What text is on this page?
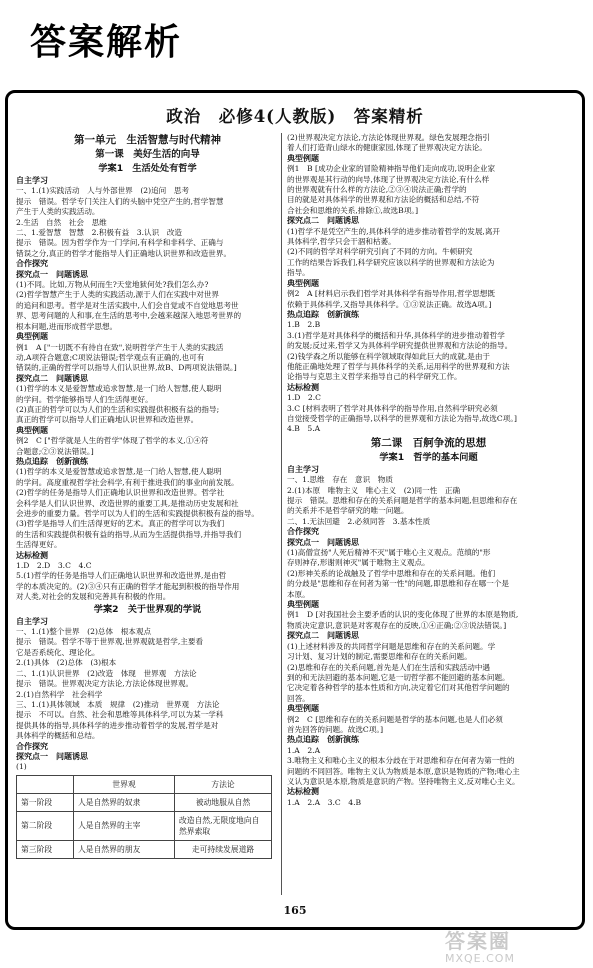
答案解析
政治　必修4(人教版)　答案精析
第一单元　生活智慧与时代精神
第一课　美好生活的向导
学案1　生活处处有哲学
自主学习
一、1.(1)实践活动　人与外部世界　(2)追问　思考
提示　错误。哲学专门关注人们的头脑中凭空产生的,哲学智慧
产生于人类的实践活动。
2.生活　自然　社会　思维
二、1.爱智慧　智慧　2.积极有益　3.认识　改造
提示　错误。因为哲学作为一门学问,有科学和非科学、正确与
错误之分,真正的哲学才能指导人们正确地认识世界和改造世界。
合作探究
探究点一　问题诱思
(1)不同。比如,万物从何而生?天堂地狱何处?我们怎么办?
(2)哲学智慧产生于人类的实践活动,源于人们在实践中对世界
的追问和思考。哲学是对生活实践中,人们会自觉或不自觉地思考世
界、思考问题的人和事,在生活的思考中,会越来越深入地思考世界的
根本问题,进而形成哲学思想。
典型例题
例1　A ["一切既不有待自在致",说明哲学产生于人类的实践活
动,A项符合题意;C项说法错误;哲学观点有正确的,也可有
错误的,正确的哲学可以指导人们认识世界,故B、D两项说法错误。]
探究点二　问题诱思
(1)哲学的本义是爱智慧或追求智慧,是一门给人智慧,使人聪明
的学问。哲学能够指导人们生活得更好。
(2)真正的哲学可以为人们的生活和实践提供积极有益的指导;
真正的哲学可以指导人们正确地认识世界和改造世界。
典型例题
例2　C ["哲学就是人生的哲学"体现了哲学的本义,①④符
合题意;②③说法错误。]
热点追踪　创新演练
(1)哲学的本义是爱智慧或追求智慧,是一门给人智慧,使人聪明
的学问。高度重视哲学社会科学,有利于推进我们的事业向前发展。
(2)哲学的任务是指导人们正确地认识世界和改造世界。哲学社
会科学是人们认识世界、改造世界的重要工具,是推动历史发展和社
会进步的重要力量。哲学可以为人们的生活和实践提供积极有益的指导。
(3)哲学是指导人们生活得更好的艺术。真正的哲学可以为我们
的生活和实践提供积极有益的指导,从而为生活提供指导,并指导我们
生活得更好。
达标检测
1.D　2.D　3.C　4.C
5.(1)哲学的任务是指导人们正确地认识世界和改造世界,是由哲
学的本质决定的。(2)③④只有正确的哲学才能起到积极的指导作用
对人类,对社会的发展和完善具有积极的作用。
学案2　关于世界观的学说
自主学习
一、1.(1)整个世界　(2)总体　根本观点
提示　错误。哲学不等于世界观,世界观就是哲学,主要看
它是否系统化、理论化。
2.(1)具体　(2)总体　(3)根本
二、1.(1)认识世界　(2)改造　体现　世界观　方法论
提示　错误。世界观决定方法论,方法论体现世界观。
2.(1)自然科学　社会科学
三、1.(1)具体领域　本质　规律　(2)推动　世界观　方法论
提示　不可以。自然、社会和思维等具体科学,可以为某一学科
提供具体的指导,具体科学的进步推动着哲学的发展,哲学是对
具体科学的概括和总结。
合作探究
探究点一　问题诱思
(1)
	世界观	方法论
第一阶段	人是自然界的奴隶	被动地服从自然
第二阶段	人是自然界的主宰	改造自然,无限度地向自然界索取
第三阶段	人是自然界的朋友	走可持续发展道路
(2)世界观决定方法论,方法论体现世界观。绿色发展理念指引
着人们打造青山绿水的健康家园,体现了世界观决定方法论。
典型例题
例1　B [成功企业家的冒险精神指导他们走向成功,说明企业家
的世界观是其行动的向导,体现了世界观决定方法论,有什么样
的世界观就有什么样的方法论,②③④说法正确;哲学的
目的就是对具体科学的世界观和方法论的概括和总结,不符
合社会和思维的关系,排除①,故选B项。]
探究点二　问题诱思
(1)哲学不是凭空产生的,具体科学的进步推动着哲学的发展,离开
具体科学,哲学只会干涸和枯萎。
(2)不同的哲学对科学研究引向了不同的方向。牛顿研究
工作的结果告诉我们,科学研究应该以科学的世界观和方法论为
指导。
典型例题
例2　A [材料启示我们哲学对具体科学有指导作用,哲学思想既
依赖于具体科学,又指导具体科学。①③说法正确。故选A项。]
热点追踪　创新演练
1.B　2.B
3.(1)哲学是对具体科学的概括和升华,具体科学的进步推动着哲学
的发展;反过来,哲学又为具体科学研究提供世界观和方法论的指导。
(2)钱学森之所以能够在科学领域取得如此巨大的成就,是由于
他能正确地处理了哲学与具体科学的关系,运用科学的世界观和方法
论指导与克思主义哲学来指导自己的科学研究工作。
达标检测
1.D　2.C
3.C [材料表明了哲学对具体科学的指导作用,自然科学研究必须
自觉接受哲学的正确指导,以科学的世界观和方法论为指导,故选C项。]
4.B　5.A
第二课　百舸争流的思想
学案1　哲学的基本问题
自主学习
一、1.思维　存在　意识　物质
2.(1)本原　唯物主义　唯心主义　(2)同一性　正确
提示　错误。思维和存在的关系问题是哲学的基本问题,但思维和存在
的关系并不是哲学研究的唯一问题。
二、1.无法回避　2.必须同答　3.基本性质
合作探究
探究点一　问题诱思
(1)高僧宣扬"人死后精神不灭"属于唯心主义观点。范缜的"形
存则神存,形谢则神灭"属于唯物主义观点。
(2)形神关系的论战触及了哲学中思维和存在的关系问题。他们
的分歧是"思维和存在何者为第一性"的问题,即思维和存在哪一个是
本原。
典型例题
例1　D [对我国社会主要矛盾的认识的变化体现了世界的本原是物质,
物质决定意识,意识是对客观存在的反映,①④正确;②③说法错误。]
探究点二　问题诱思
(1)上述材料涉及的共同哲学问题是思维和存在的关系问题。学
习计划、复习计划的制定,需要思维和存在的关系问题。
(2)思维和存在的关系问题,首先是人们在生活和实践活动中遇
到的和无法回避的基本问题,它是一切哲学都不能回避的基本问题。
它决定着各种哲学的基本性质和方向,决定着它们对其他哲学问题的
回答。
典型例题
例2　C [思维和存在的关系问题是哲学的基本问题,也是人们必须
首先回答的问题。故选C项。]
热点追踪　创新演练
1.A　2.A
3.唯物主义和唯心主义的根本分歧在于对思维和存在何者为第一性的
问题的不同回答。唯物主义认为物质是本原,意识是物质的产物;唯心主
义认为意识是本原,物质是意识的产物。坚持唯物主义,反对唯心主义。
达标检测
1.A　2.A　3.C　4.B
165
答案圈
MXQE.COM
